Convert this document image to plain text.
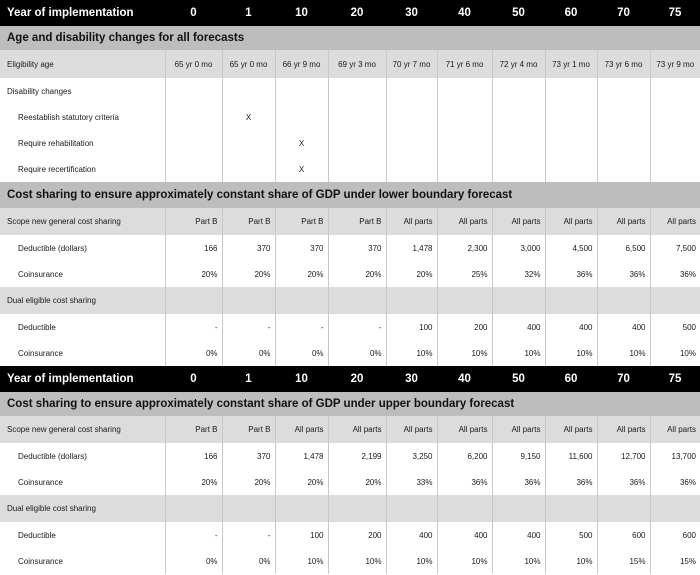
Year of implementation	0	1	10	20	30	40	50	60	70	75
Age and disability changes for all forecasts										
Eligibility age	65 yr 0 mo	65 yr 0 mo	66 yr 9 mo	69 yr 3 mo	70 yr 7 mo	71 yr 6 mo	72 yr 4 mo	73 yr 1 mo	73 yr 6 mo	73 yr 9 mo
Disability changes										
Reestablish statutory criteria		X								
Require rehabilitation			X							
Require recertification			X							
Cost sharing to ensure approximately constant share of GDP under lower boundary forecast										
Scope new general cost sharing	Part B	Part B	Part B	Part B	All parts	All parts	All parts	All parts	All parts	All parts
Deductible (dollars)	166	370	370	370	1,478	2,300	3,000	4,500	6,500	7,500
Coinsurance	20%	20%	20%	20%	20%	25%	32%	36%	36%	36%
Dual eligible cost sharing										
Deductible	-	-	-	-	100	200	400	400	400	500
Coinsurance	0%	0%	0%	0%	10%	10%	10%	10%	10%	10%
Year of implementation	0	1	10	20	30	40	50	60	70	75
Cost sharing to ensure approximately constant share of GDP under upper boundary forecast										
Scope new general cost sharing	Part B	Part B	All parts	All parts	All parts	All parts	All parts	All parts	All parts	All parts
Deductible (dollars)	166	370	1,478	2,199	3,250	6,200	9,150	11,600	12,700	13,700
Coinsurance	20%	20%	20%	20%	33%	36%	36%	36%	36%	36%
Dual eligible cost sharing										
Deductible	-	-	100	200	400	400	400	500	600	600
Coinsurance	0%	0%	10%	10%	10%	10%	10%	10%	15%	15%
